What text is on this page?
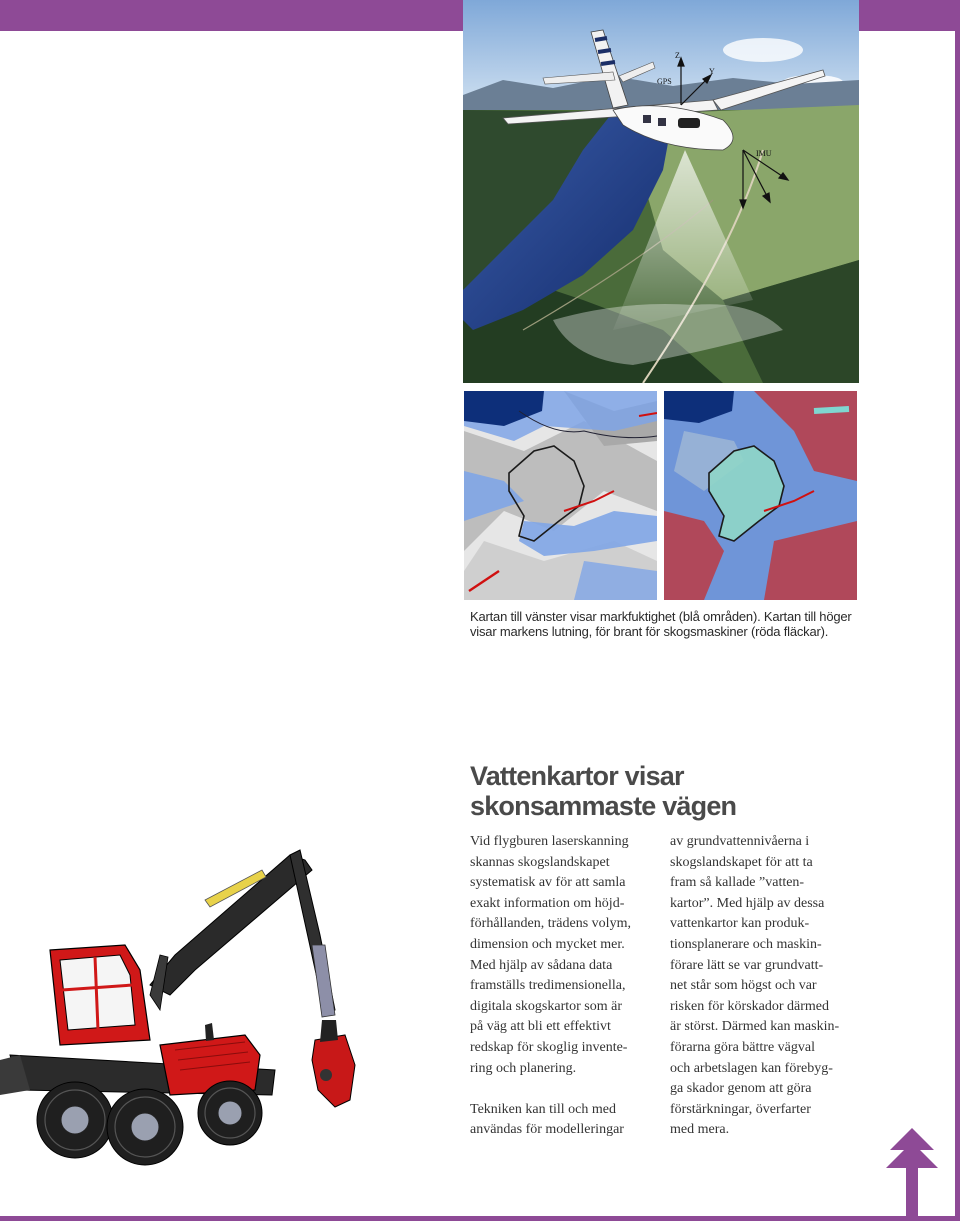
GPS
Z
Y
IMU
Kartan till vänster visar markfuktighet (blå områden). Kartan till höger
visar markens lutning, för brant för skogsmaskiner (röda fläckar).
Vattenkartor visar
skonsammaste vägen
Vid flygburen laserskanning
skannas skogslandskapet
systematisk av för att samla
exakt information om höjd-
förhållanden, trädens volym,
dimension och mycket mer.
Med hjälp av sådana data
framställs tredimensionella,
digitala skogskartor som är
på väg att bli ett effektivt
redskap för skoglig invente-
ring och planering.
Tekniken kan till och med
användas för modelleringar
av grundvattennivåerna i
skogslandskapet för att ta
fram så kallade ”vatten-
kartor”. Med hjälp av dessa
vattenkartor kan produk-
tionsplanerare och maskin-
förare lätt se var grundvatt-
net står som högst och var
risken för körskador därmed
är störst. Därmed kan maskin-
förarna göra bättre vägval
och arbetslagen kan förebyg-
ga skador genom att göra
förstärkningar, överfarter
med mera.
